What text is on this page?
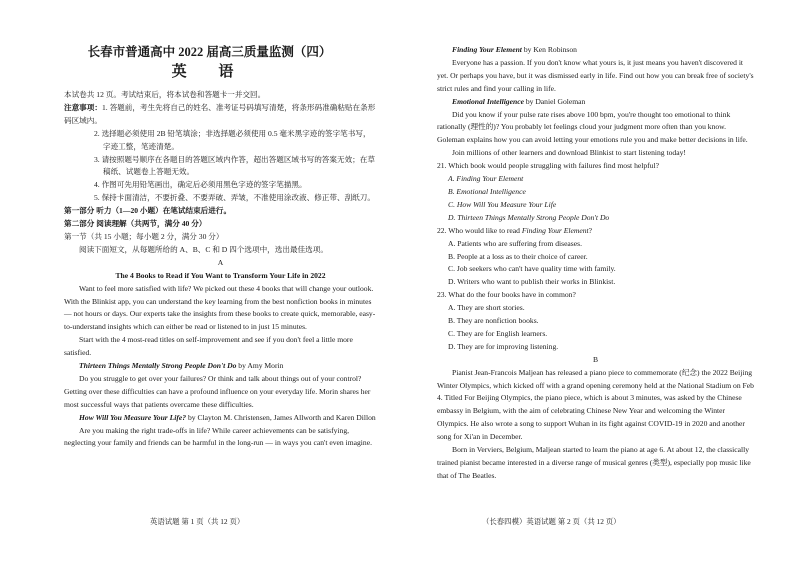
长春市普通高中 2022 届高三质量监测（四）

英 语

本试卷共 12 页。考试结束后，将本试卷和答题卡一并交回。

注意事项：1. 答题前，考生先将自己的姓名、准考证号码填写清楚，将条形码准确粘贴在条形码区域内。

2. 选择题必须使用 2B 铅笔填涂；非选择题必须使用 0.5 毫米黑字迹的签字笔书写，字迹工整，笔迹清楚。

3. 请按照题号顺序在各题目的答题区域内作答，超出答题区域书写的答案无效；在草稿纸、试题卷上答题无效。

4. 作图可先用铅笔画出，确定后必须用黑色字迹的签字笔描黑。

5. 保持卡面清洁，不要折叠、不要弄破、弄皱，不准使用涂改液、修正带、刮纸刀。

第一部分 听力（1—20 小题）在笔试结束后进行。

第二部分 阅读理解（共两节，满分 40 分）

第一节（共 15 小题；每小题 2 分，满分 30 分）

阅读下面短文，从每题所给的 A、B、C 和 D 四个选项中，选出最佳选项。

A

The 4 Books to Read if You Want to Transform Your Life in 2022

Want to feel more satisfied with life? We picked out these 4 books that will change your outlook. With the Blinkist app, you can understand the key learning from the best nonfiction books in minutes — not hours or days. Our experts take the insights from these books to create quick, memorable, easy-to-understand insights which can either be read or listened to in just 15 minutes.

Start with the 4 most-read titles on self-improvement and see if you don't feel a little more satisfied.

Thirteen Things Mentally Strong People Don't Do by Amy Morin

Do you struggle to get over your failures? Or think and talk about things out of your control? Getting over these difficulties can have a profound influence on your everyday life. Morin shares her most successful ways that patients overcame these difficulties.

How Will You Measure Your Life? by Clayton M. Christensen, James Allworth and Karen Dillon

Are you making the right trade-offs in life? While career achievements can be satisfying, neglecting your family and friends can be harmful in the long-run — in ways you can't even imagine.

英语试题 第 1 页（共 12 页）

Finding Your Element by Ken Robinson

Everyone has a passion. If you don't know what yours is, it just means you haven't discovered it yet. Or perhaps you have, but it was dismissed early in life. Find out how you can break free of society's strict rules and find your calling in life.

Emotional Intelligence by Daniel Goleman

Did you know if your pulse rate rises above 100 bpm, you're thought too emotional to think rationally (理性的)? You probably let feelings cloud your judgment more often than you know. Goleman explains how you can avoid letting your emotions rule you and make better decisions in life.

Join millions of other learners and download Blinkist to start listening today!

21. Which book would people struggling with failures find most helpful?

A. Finding Your Element

B. Emotional Intelligence

C. How Will You Measure Your Life

D. Thirteen Things Mentally Strong People Don't Do

22. Who would like to read Finding Your Element?

A. Patients who are suffering from diseases.

B. People at a loss as to their choice of career.

C. Job seekers who can't have quality time with family.

D. Writers who want to publish their works in Blinkist.

23. What do the four books have in common?

A. They are short stories.

B. They are nonfiction books.

C. They are for English learners.

D. They are for improving listening.

B

Pianist Jean-Francois Maljean has released a piano piece to commemorate (纪念) the 2022 Beijing Winter Olympics, which kicked off with a grand opening ceremony held at the National Stadium on Feb 4. Titled For Beijing Olympics, the piano piece, which is about 3 minutes, was asked by the Chinese embassy in Belgium, with the aim of celebrating Chinese New Year and welcoming the Winter Olympics. He also wrote a song to support Wuhan in its fight against COVID-19 in 2020 and another song for Xi'an in December.

Born in Verviers, Belgium, Maljean started to learn the piano at age 6. At about 12, the classically trained pianist became interested in a diverse range of musical genres (类型), especially pop music like that of The Beatles.

（长春四模）英语试题 第 2 页（共 12 页）
